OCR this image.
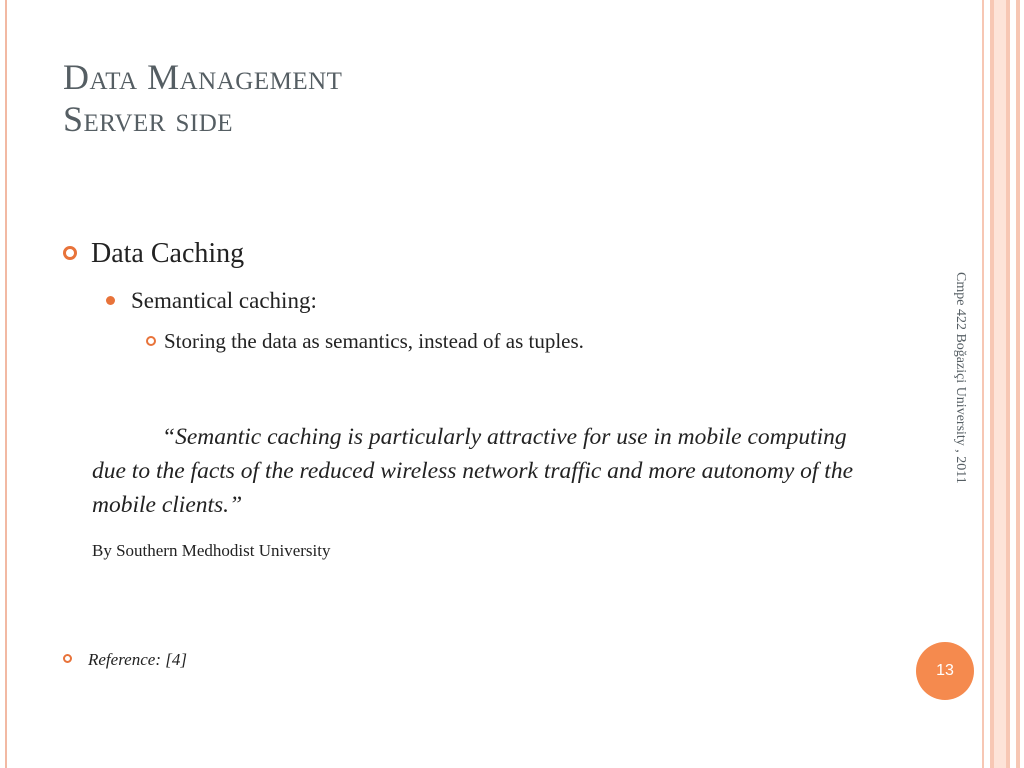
Data Management
Server side
Data Caching
Semantical caching:
Storing the data as semantics, instead of as tuples.
“Semantic caching is particularly attractive for use in mobile computing due to the facts of the reduced wireless network traffic and more autonomy of the mobile clients.”
By Southern Medhodist University
Reference: [4]
Cmpe 422 Boğaziçi University , 2011
13
